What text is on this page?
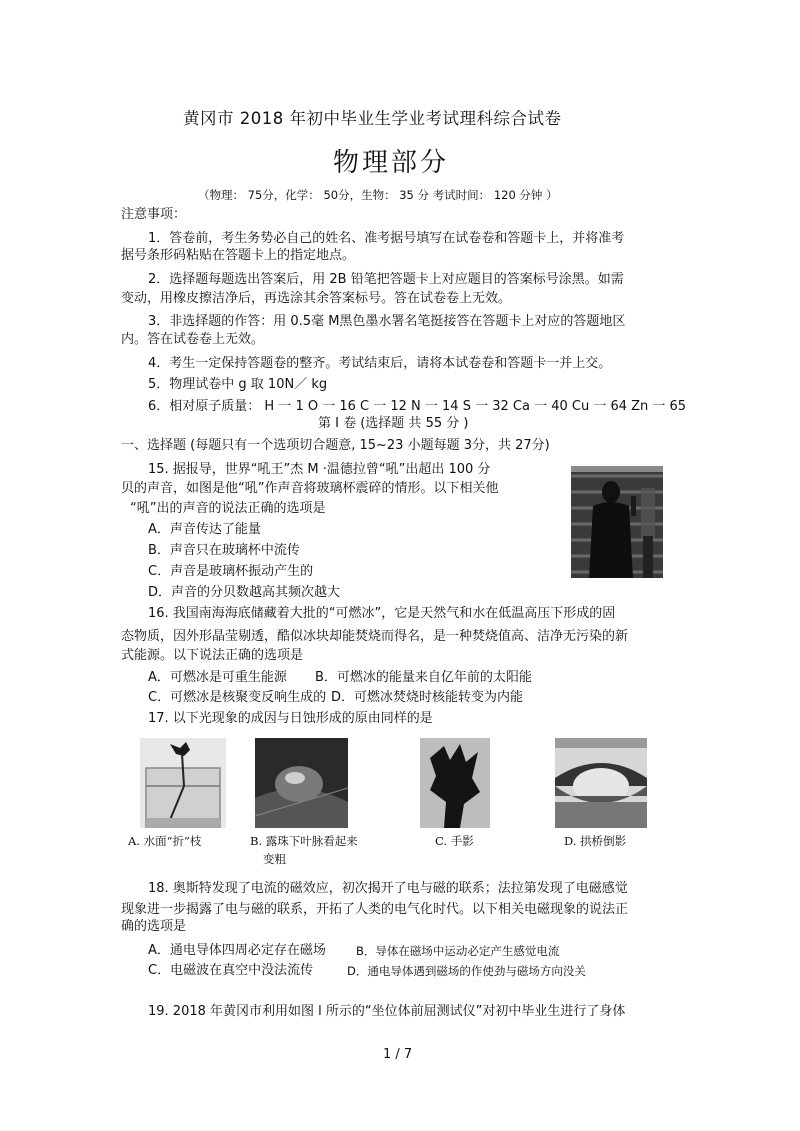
黄冈市 2018 年初中毕业生学业考试理科综合试卷
物理部分
（物理： 75分，化学： 50分，生物： 35 分 考试时间： 120 分钟 ）
注意事项：
1．答卷前，考生务势必自己的姓名、准考据号填写在试卷卷和答题卡上，并将准考
据号条形码粘贴在答题卡上的指定地点。
2．选择题每题选出答案后，用 2B 铅笔把答题卡上对应题目的答案标号涂黑。如需
变动，用橡皮擦洁净后，再选涂其余答案标号。答在试卷卷上无效。
3．非选择题的作答：用 0.5毫 M黑色墨水署名笔挺接答在答题卡上对应的答题地区
内。答在试卷卷上无效。
4．考生一定保持答题卷的整齐。考试结束后，请将本试卷卷和答题卡一并上交。
5．物理试卷中 g 取 10N／ kg
6．相对原子质量： H 一 1 O 一 16 C 一 12 N 一 14 S 一 32 Ca 一 40 Cu 一 64 Zn 一 65
第 I 卷 (选择题 共 55 分 )
一、选择题 (每题只有一个选项切合题意, 15~23 小题每题 3分，共 27分)
15. 据报导，世界“吼王”杰 M ·温德拉曾“吼”出超出 100 分
贝的声音，如图是他“吼”作声音将玻璃杯震碎的情形。以下相关他
“吼”出的声音的说法正确的选项是
A．声音传达了能量
B．声音只在玻璃杯中流传
C．声音是玻璃杯振动产生的
D．声音的分贝数越高其频次越大
16. 我国南海海底储藏着大批的“可燃冰”，它是天然气和水在低温高压下形成的固
态物质，因外形晶莹剔透，酷似冰块却能焚烧而得名，是一种焚烧值高、洁净无污染的新
式能源。以下说法正确的选项是
A．可燃冰是可重生能源 B．可燃冰的能量来自亿年前的太阳能
C．可燃冰是核聚变反响生成的 D．可燃冰焚烧时核能转变为内能
17. 以下光现象的成因与日蚀形成的原由同样的是
A. 水面“折”枝	B. 露珠下叶脉看起来
变粗
C. 手影	D. 拱桥倒影
18. 奥斯特发现了电流的磁效应，初次揭开了电与磁的联系；法拉第发现了电磁感觉
现象进一步揭露了电与磁的联系，开拓了人类的电气化时代。以下相关电磁现象的说法正
确的选项是
A．通电导体四周必定存在磁场	B．导体在磁场中运动必定产生感觉电流
C．电磁波在真空中没法流传	D．通电导体遇到磁场的作使劲与磁场方向没关
19. 2018 年黄冈市利用如图 l 所示的“坐位体前屈测试仪”对初中毕业生进行了身体
1 / 7
